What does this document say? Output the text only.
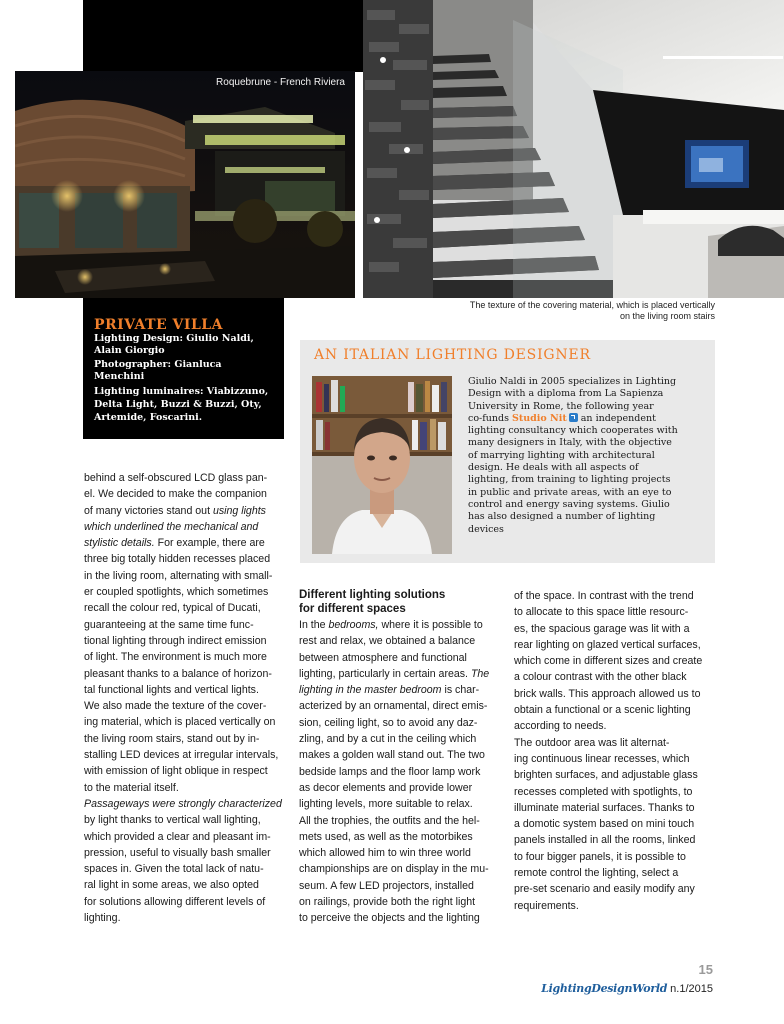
Roquebrune - French Riviera
The texture of the covering material, which is placed vertically
on the living room stairs
PRIVATE VILLA
Lighting Design: Giulio Naldi,
Alain Giorgio
Photographer: Gianluca
Menchini
Lighting luminaires: Viabizzuno,
Delta Light, Buzzi & Buzzi, Oty,
Artemide, Foscarini.
AN ITALIAN LIGHTING DESIGNER
Giulio Naldi in 2005 specializes in Lighting
Design with a diploma from La Sapienza
University in Rome, the following year
co-funds Studio Nit an independent
lighting consultancy which cooperates with
many designers in Italy, with the objective
of marrying lighting with architectural
design. He deals with all aspects of
lighting, from training to lighting projects
in public and private areas, with an eye to
control and energy saving systems. Giulio
has also designed a number of lighting
devices
behind a self-obscured LCD glass pan-
el. We decided to make the companion
of many victories stand out using lights
which underlined the mechanical and
stylistic details. For example, there are
three big totally hidden recesses placed
in the living room, alternating with small-
er coupled spotlights, which sometimes
recall the colour red, typical of Ducati,
guaranteeing at the same time func-
tional lighting through indirect emission
of light. The environment is much more
pleasant thanks to a balance of horizon-
tal functional lights and vertical lights.
We also made the texture of the cover-
ing material, which is placed vertically on
the living room stairs, stand out by in-
stalling LED devices at irregular intervals,
with emission of light oblique in respect
to the material itself.
Passageways were strongly characterized
by light thanks to vertical wall lighting,
which provided a clear and pleasant im-
pression, useful to visually bash smaller
spaces in. Given the total lack of natu-
ral light in some areas, we also opted
for solutions allowing different levels of
lighting.
Different lighting solutions
for different spaces
In the bedrooms, where it is possible to
rest and relax, we obtained a balance
between atmosphere and functional
lighting, particularly in certain areas. The
lighting in the master bedroom is char-
acterized by an ornamental, direct emis-
sion, ceiling light, so to avoid any daz-
zling, and by a cut in the ceiling which
makes a golden wall stand out. The two
bedside lamps and the floor lamp work
as decor elements and provide lower
lighting levels, more suitable to relax.
All the trophies, the outfits and the hel-
mets used, as well as the motorbikes
which allowed him to win three world
championships are on display in the mu-
seum. A few LED projectors, installed
on railings, provide both the right light
to perceive the objects and the lighting
of the space. In contrast with the trend
to allocate to this space little resourc-
es, the spacious garage was lit with a
rear lighting on glazed vertical surfaces,
which come in different sizes and create
a colour contrast with the other black
brick walls. This approach allowed us to
obtain a functional or a scenic lighting
according to needs.
The outdoor area was lit alternat-
ing continuous linear recesses, which
brighten surfaces, and adjustable glass
recesses completed with spotlights, to
illuminate material surfaces. Thanks to
a domotic system based on mini touch
panels installed in all the rooms, linked
to four bigger panels, it is possible to
remote control the lighting, select a
pre-set scenario and easily modify any
requirements.
15
LightingDesignWorld n.1/2015
